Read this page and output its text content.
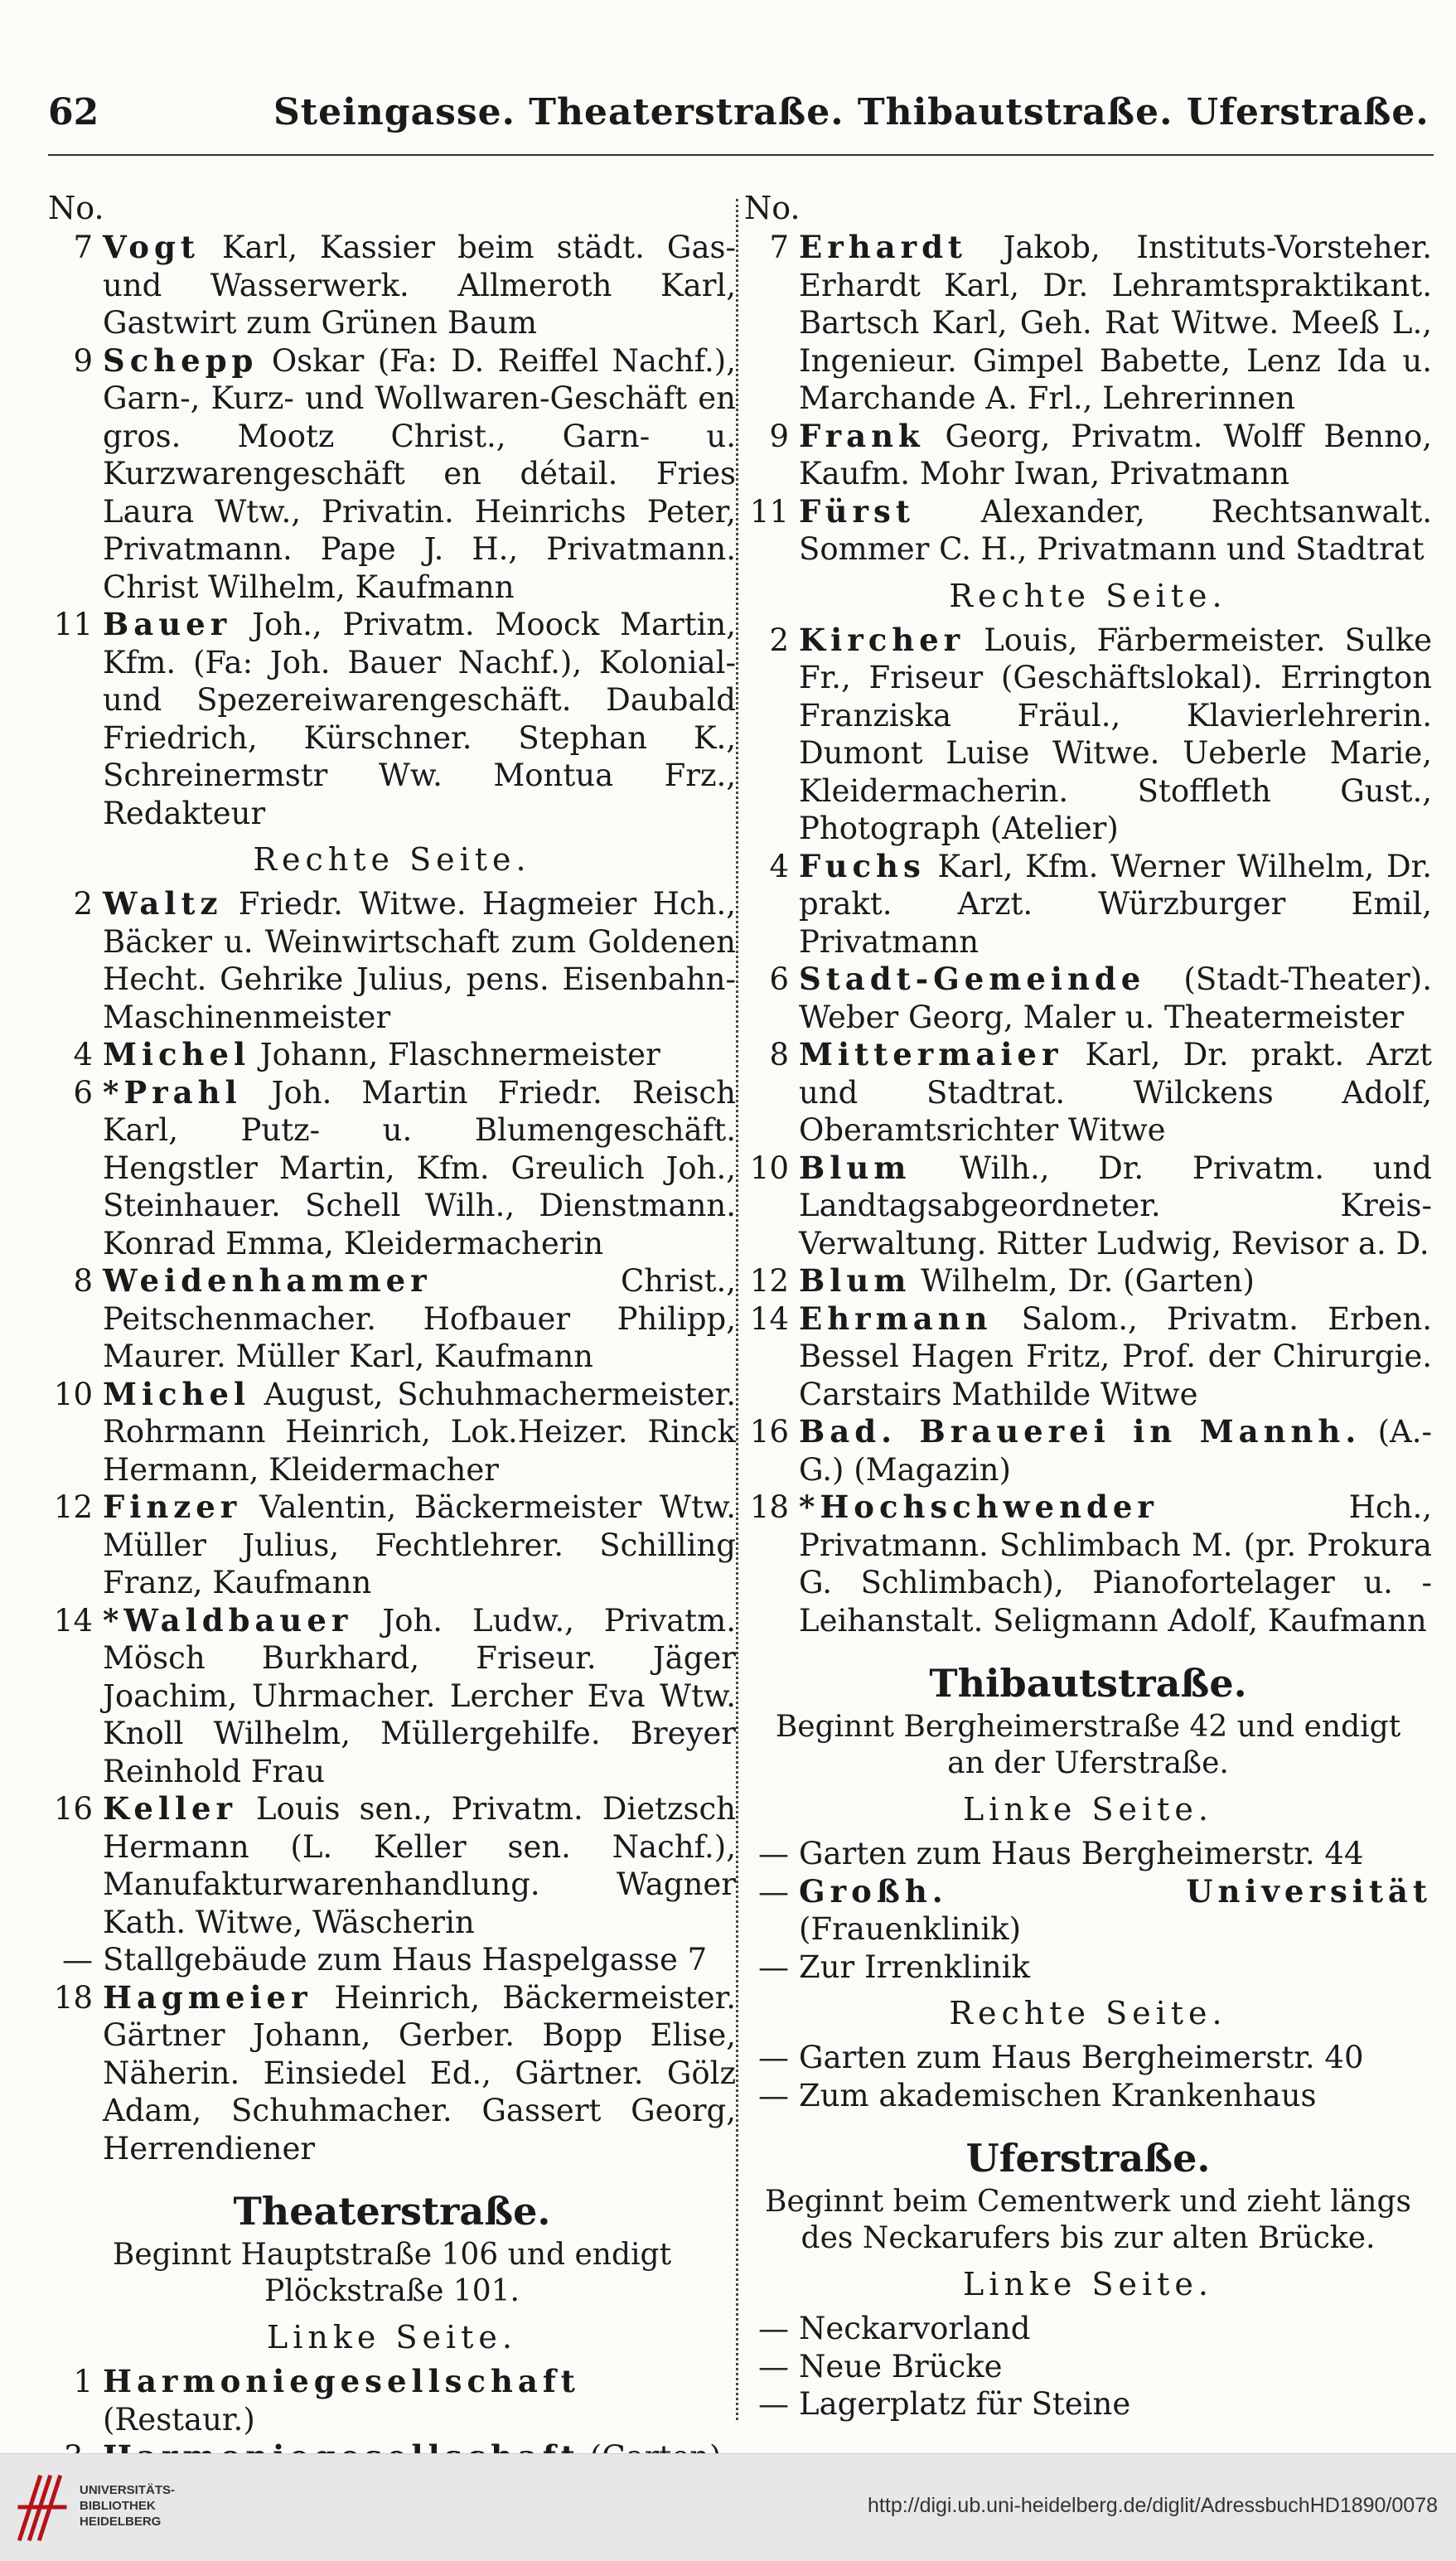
62	Steingasse. Theaterstraße. Thibautstraße. Uferstraße.
No.
7 Vogt Karl, Kassier beim städt. Gas- und Wasserwerk. Allmeroth Karl, Gastwirt zum Grünen Baum
9 Schepp Oskar (Fa: D. Reiffel Nachf.), Garn-, Kurz- und Wollwaren-Geschäft en gros. Mootz Christ., Garn- u. Kurzwarengeschäft en détail. Fries Laura Wtw., Privatin. Heinrichs Peter, Privatmann. Pape J. H., Privatmann. Christ Wilhelm, Kaufmann
11 Bauer Joh., Privatm. Moock Martin, Kfm. (Fa: Joh. Bauer Nachf.), Kolonial- und Spezereiwarengeschäft. Daubald Friedrich, Kürschner. Stephan K., Schreinermstr Ww. Montua Frz., Redakteur
Rechte Seite.
2 Waltz Friedr. Witwe. Hagmeier Hch., Bäcker u. Weinwirtschaft zum Goldenen Hecht. Gehrike Julius, pens. Eisenbahn-Maschinenmeister
4 Michel Johann, Flaschnermeister
6 *Prahl Joh. Martin Friedr. Reisch Karl, Putz- u. Blumengeschäft. Hengstler Martin, Kfm. Greulich Joh., Steinhauer. Schell Wilh., Dienstmann. Konrad Emma, Kleidermacherin
8 Weidenhammer Christ., Peitschenmacher. Hofbauer Philipp, Maurer. Müller Karl, Kaufmann
10 Michel August, Schuhmachermeister. Rohrmann Heinrich, Lok.Heizer. Rinck Hermann, Kleidermacher
12 Finzer Valentin, Bäckermeister Wtw. Müller Julius, Fechtlehrer. Schilling Franz, Kaufmann
14 *Waldbauer Joh. Ludw., Privatm. Mösch Burkhard, Friseur. Jäger Joachim, Uhrmacher. Lercher Eva Wtw. Knoll Wilhelm, Müllergehilfe. Breyer Reinhold Frau
16 Keller Louis sen., Privatm. Dietzsch Hermann (L. Keller sen. Nachf.), Manufakturwarenhandlung. Wagner Kath. Witwe, Wäscherin
— Stallgebäude zum Haus Haspelgasse 7
18 Hagmeier Heinrich, Bäckermeister. Gärtner Johann, Gerber. Bopp Elise, Näherin. Einsiedel Ed., Gärtner. Gölz Adam, Schuhmacher. Gassert Georg, Herrendiener
Theaterstraße.
Beginnt Hauptstraße 106 und endigt Plöckstraße 101.
Linke Seite.
1 Harmoniegesellschaft (Restaur.)
No.
7 Erhardt Jakob, Instituts-Vorsteher. Erhardt Karl, Dr. Lehramtspraktikant. Bartsch Karl, Geh. Rat Witwe. Meeß L., Ingenieur. Gimpel Babette, Lenz Ida u. Marchande A. Frl., Lehrerinnen
9 Frank Georg, Privatm. Wolff Benno, Kaufm. Mohr Iwan, Privatmann
11 Fürst Alexander, Rechtsanwalt. Sommer C. H., Privatmann und Stadtrat
Rechte Seite.
2 Kircher Louis, Färbermeister. Sulke Fr., Friseur (Geschäftslokal). Errington Franziska Fräul., Klavierlehrerin. Dumont Luise Witwe. Ueberle Marie, Kleidermacherin. Stoffleth Gust., Photograph (Atelier)
4 Fuchs Karl, Kfm. Werner Wilhelm, Dr. prakt. Arzt. Würzburger Emil, Privatmann
6 Stadt-Gemeinde (Stadt-Theater). Weber Georg, Maler u. Theatermeister
8 Mittermaier Karl, Dr. prakt. Arzt und Stadtrat. Wilckens Adolf, Oberamtsrichter Witwe
10 Blum Wilh., Dr. Privatm. und Landtagsabgeordneter. Kreis-Verwaltung. Ritter Ludwig, Revisor a. D.
12 Blum Wilhelm, Dr. (Garten)
14 Ehrmann Salom., Privatm. Erben. Bessel Hagen Fritz, Prof. der Chirurgie. Carstairs Mathilde Witwe
16 Bad. Brauerei in Mannh. (A.-G.) (Magazin)
18 *Hochschwender Hch., Privatmann. Schlimbach M. (pr. Prokura G. Schlimbach), Pianofortelager u. -Leihanstalt. Seligmann Adolf, Kaufmann
Thibautstraße.
Beginnt Bergheimerstraße 42 und endigt an der Uferstraße.
Linke Seite.
— Garten zum Haus Bergheimerstr. 44
— Großh. Universität (Frauenklinik)
— Zur Irrenklinik
Rechte Seite.
— Garten zum Haus Bergheimerstr. 40
— Zum akademischen Krankenhaus
Uferstraße.
Beginnt beim Cementwerk und zieht längs des Neckarufers bis zur alten Brücke.
Linke Seite.
— Neckarvorland
— Neue Brücke
— Lagerplatz für Steine
UNIVERSITÄTS-
BIBLIOTHEK
HEIDELBERG
http://digi.ub.uni-heidelberg.de/diglit/AdressbuchHD1890/0078
